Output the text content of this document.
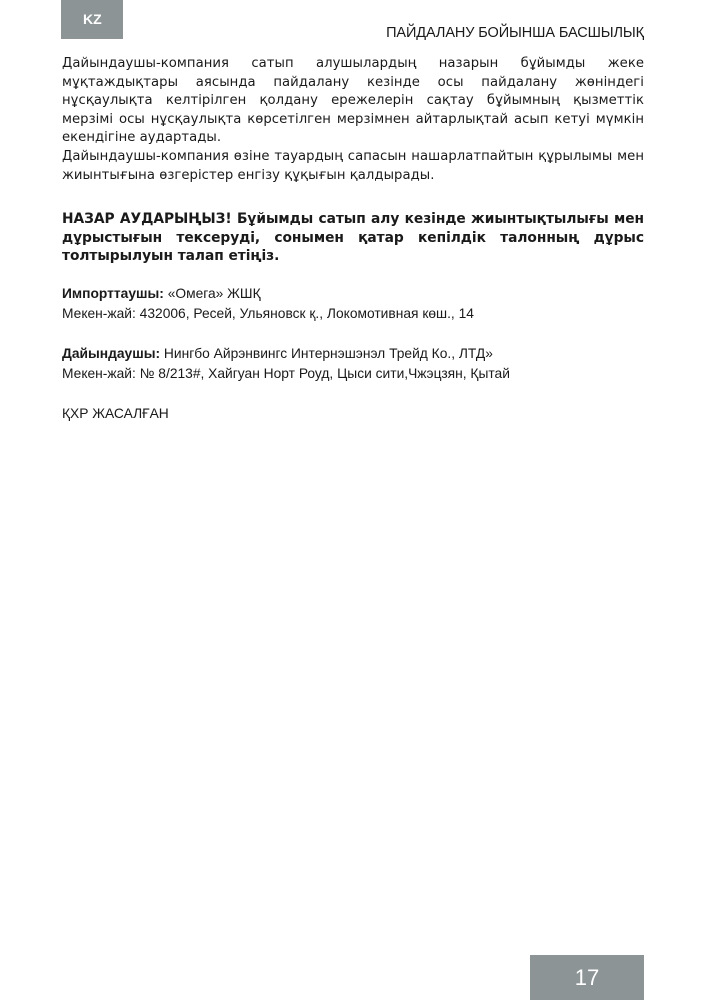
KZ
ПАЙДАЛАНУ БОЙЫНША БАСШЫЛЫҚ

Дайындаушы-компания сатып алушылардың назарын бұйымды жеке мұқтаждықтары аясында пайдалану кезінде осы пайдалану жөніндегі нұсқаулықта келтірілген қолдану ережелерін сақтау бұйымның қызметтік мерзімі осы нұсқаулықта көрсетілген мерзімнен айтарлықтай асып кетуі мүмкін екендігіне аудартады.

Дайындаушы-компания өзіне тауардың сапасын нашарлатпайтын құрылымы мен жиынтығына өзгерістер енгізу құқығын қалдырады.

НАЗАР АУДАРЫҢЫЗ! Бұйымды сатып алу кезінде жиынтықтылығы мен дұрыстығын тексеруді, сонымен қатар кепілдік талонның дұрыс толтырылуын талап етіңіз.

Импорттаушы: «Омега» ЖШҚ
Мекен-жай: 432006, Ресей, Ульяновск қ., Локомотивная көш., 14
Дайындаушы: Нингбо Айрэнвингс Интернэшэнэл Трейд Ко., ЛТД»
Мекен-жай: № 8/213#, Хайгуан Норт Роуд, Цыси сити,Чжэцзян, Қытай
ҚХР ЖАСАЛҒАН
17
